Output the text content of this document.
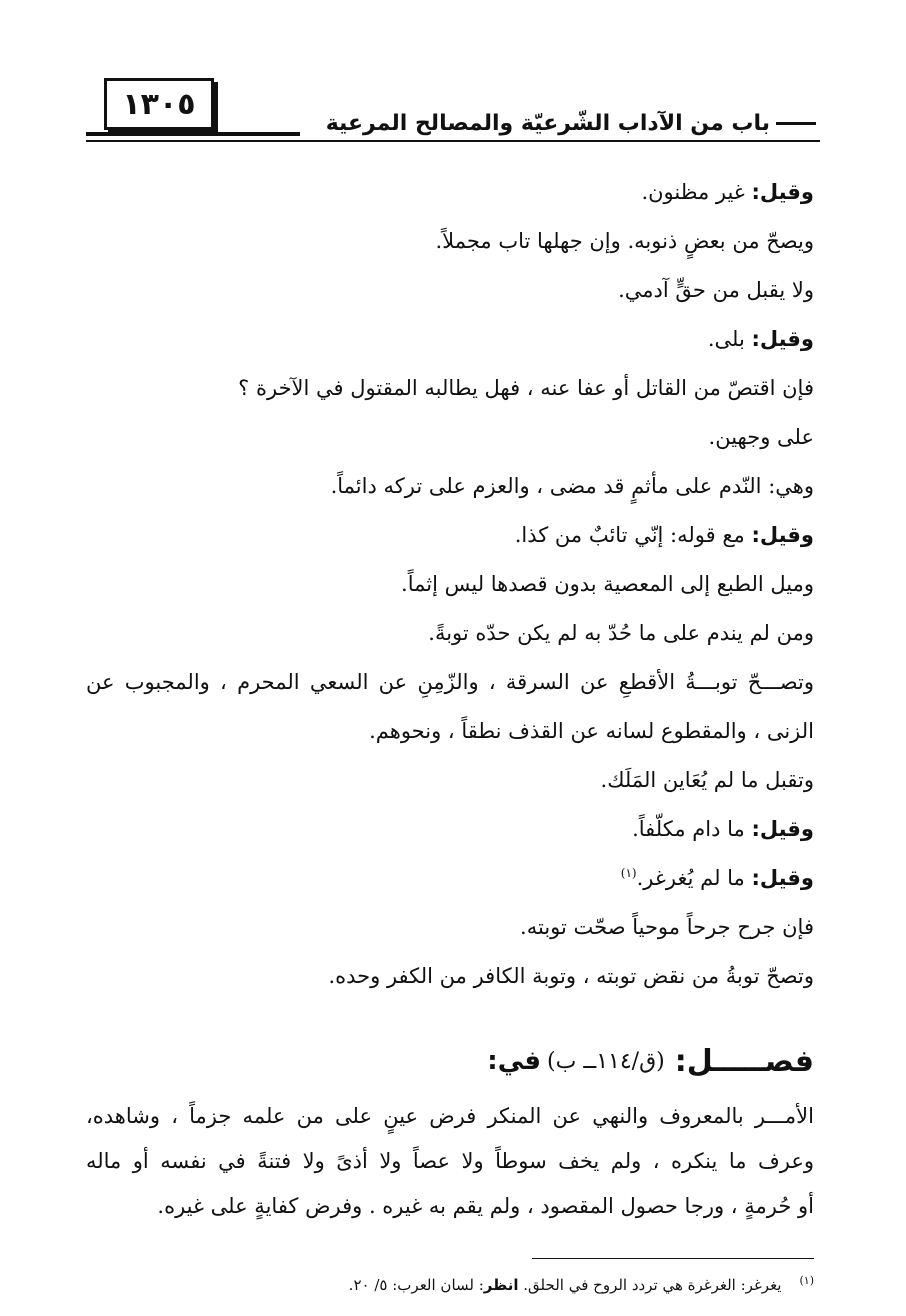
١٣٠٥
باب من الآداب الشّرعيّة والمصالح المرعية
وقيل: غير مظنون.
ويصحّ من بعضٍ ذنوبه. وإن جهلها تاب مجملاً.
ولا يقبل من حقٍّ آدمي.
وقيل: بلى.
فإن اقتصّ من القاتل أو عفا عنه ، فهل يطالبه المقتول في الآخرة ؟
على وجهين.
وهي: النّدم على مأثمٍ قد مضى ، والعزم على تركه دائماً.
وقيل: مع قوله: إنّي تائبٌ من كذا.
وميل الطبع إلى المعصية بدون قصدها ليس إثماً.
ومن لم يندم على ما حُدّ به لم يكن حدّه توبةً.
وتصـــحّ توبـــةُ الأقطعِ عن السرقة ، والزّمِنِ عن السعي المحرم ، والمجبوب عن
الزنى ، والمقطوع لسانه عن القذف نطقاً ، ونحوهم.
وتقبل ما لم يُعَاين المَلَك.
وقيل: ما دام مكلّفاً.
وقيل: ما لم يُغرغر.$^{(١)}$
فإن جرح جرحاً موحياً صحّت توبته.
وتصحّ توبةُ من نقض توبته ، وتوبة الكافر من الكفر وحده.
فصـــــل:
(ق/١١٤ــ ب)
في:
الأمـــر بالمعروف والنهي عن المنكر فرض عينٍ على من علمه جزماً ، وشاهده،
وعرف ما ينكره ، ولم يخف سوطاً ولا عصاً ولا أذىً ولا فتنةً في نفسه أو ماله
أو حُرمةٍ ، ورجا حصول المقصود ، ولم يقم به غيره . وفرض كفايةٍ على غيره.
$^{(١)}$يغرغر: الغرغرة هي تردد الروح في الحلق. انظر: لسان العرب: ٥/ ٢٠.
